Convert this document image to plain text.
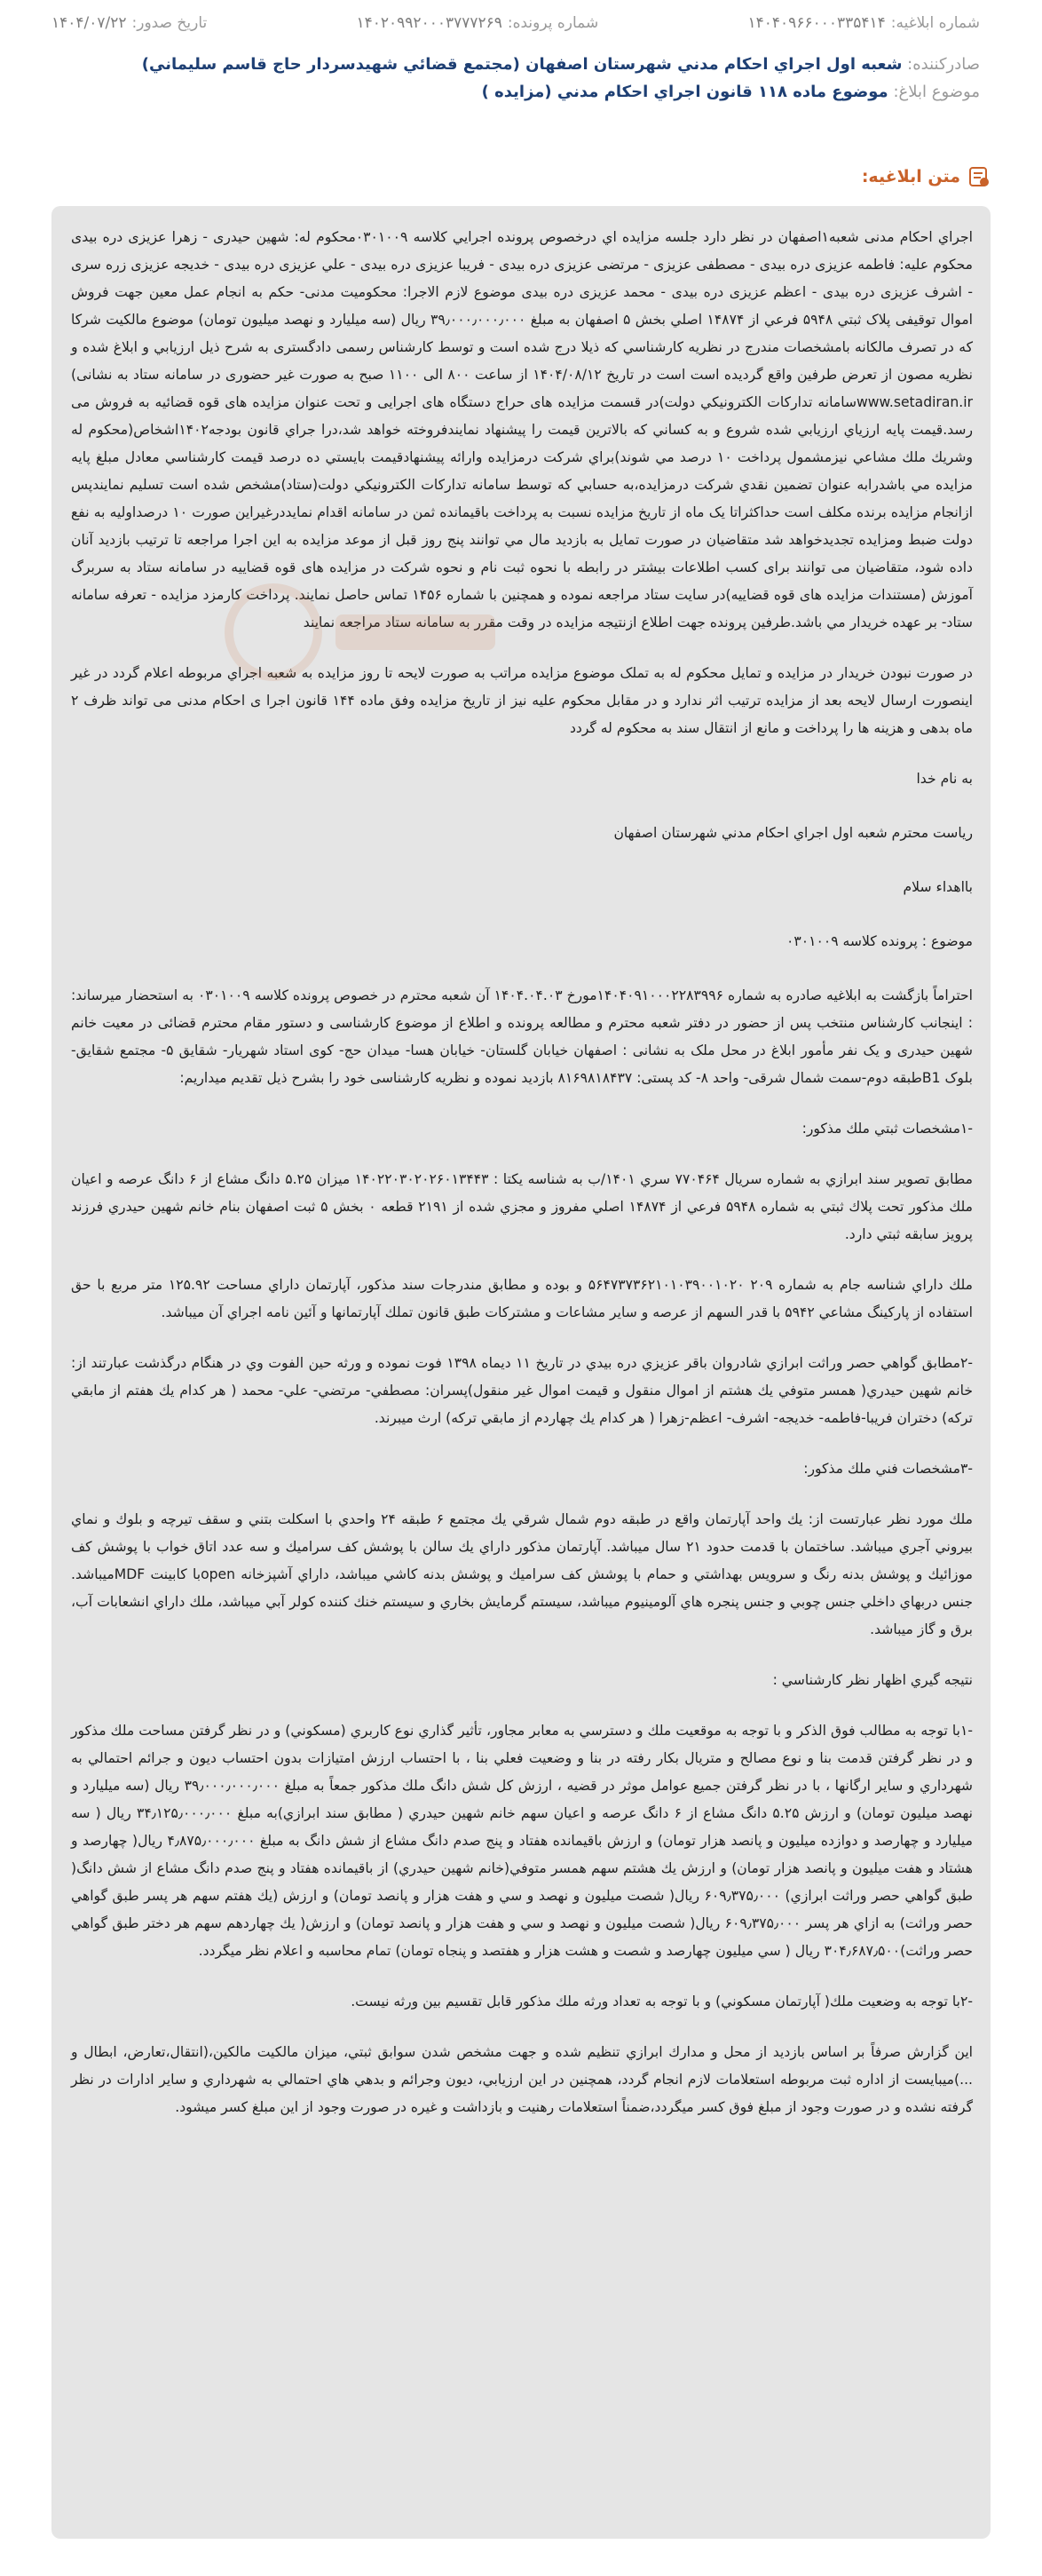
شماره ابلاغیه:
۱۴۰۴۰۹۶۶۰۰۰۳۳۵۴۱۴
شماره پرونده:
۱۴۰۲۰۹۹۲۰۰۰۳۷۷۷۲۶۹
تاریخ صدور:
۱۴۰۴/۰۷/۲۲
صادرکننده: شعبه اول اجراي احكام مدني شهرستان اصفهان (مجتمع قضائي شهيدسردار حاج قاسم سليماني)
موضوع ابلاغ: موضوع ماده ۱۱۸ قانون اجراي احكام مدني (مزايده )
متن ابلاغیه:

اجراي احكام مدنی شعبه۱اصفهان در نظر دارد جلسه مزايده اي درخصوص پرونده اجرایي کلاسه ۰۳۰۱۰۰۹محکوم له: شهین حیدری - زهرا عزیزی دره بیدی محکوم علیه: فاطمه عزیزی دره بیدی - مصطفی عزیزی - مرتضی عزیزی دره بیدی - فریبا عزیزی دره بیدی - علي عزیزی دره بیدی - خدیجه عزیزی زره سری - اشرف عزیزی دره بیدی - اعظم عزیزی دره بیدی - محمد عزیزی دره بیدی موضوع لازم الاجرا: محکومیت مدنی- حکم به انجام عمل معین جهت فروش اموال توقیفی پلاک ثبتي ۵۹۴۸ فرعي از ۱۴۸۷۴ اصلي بخش ۵ اصفهان به مبلغ ۳۹٫۰۰۰٫۰۰۰٫۰۰۰ ریال (سه میلیارد و نهصد میلیون تومان) موضوع مالکیت شرکا كه در تصرف مالكانه بامشخصات مندرج در نظريه كارشناسي كه ذيلا درج شده است و توسط كارشناس رسمی دادگستری به شرح ذیل ارزيابي و ابلاغ شده و نظريه مصون از تعرض طرفين واقع گرديده است است در تاريخ ۱۴۰۴/۰۸/۱۲ از ساعت ۸۰۰ الی ۱۱۰۰ صبح به صورت غیر حضوری در سامانه ستاد به نشانی) www.setadiran.irسامانه تداركات الكترونيكي دولت)در قسمت مزايده های حراج دستگاه های اجرایی و تحت عنوان مزايده های قوه قضائیه به فروش می رسد.قيمت پايه ارزياي ارزيابي شده شروع و به كساني كه بالاترين قيمت را پيشنهاد نمايندفروخته خواهد شد،درا جراي قانون بودجه۱۴۰۲اشخاص(محكوم له وشريك ملك مشاعي نيزمشمول پرداخت ۱۰ درصد مي شوند)براي شركت درمزايده وارائه پيشنهادقيمت بايستي ده درصد قيمت كارشناسي معادل مبلغ پايه مزايده مي باشدرابه عنوان تضمين نقدي شركت درمزايده،به حسابي كه توسط سامانه تداركات الكترونيكي دولت(ستاد)مشخص شده است تسليم نمايندپس ازانجام مزايده برنده مكلف است حداكثراتا يک ماه از تاريخ مزايده نسبت به پرداخت باقيمانده ثمن در سامانه اقدام نمايددرغيراين صورت ۱۰ درصداوليه به نفع دولت ضبط ومزايده تجديدخواهد شد متقاضیان در صورت تمایل به بازدید مال مي توانند پنج روز قبل از موعد مزایده به این اجرا مراجعه تا ترتیب بازدید آنان داده شود، متقاضیان می توانند برای کسب اطلاعات بیشتر در رابطه با نحوه ثبت نام و نحوه شرکت در مزایده های قوه قضاییه در سامانه ستاد به سربرگ آموزش (مستندات مزایده های قوه قضاییه)در سایت ستاد مراجعه نموده و همچنین با شماره ۱۴۵۶ تماس حاصل نمايند. پرداخت كارمزد مزايده - تعرفه سامانه ستاد- بر عهده خريدار مي باشد.طرفين پرونده جهت اطلاع ازنتيجه مزايده در وقت مقرر به سامانه ستاد مراجعه نمايند

در صورت نبودن خريدار در مزايده و تمايل محكوم له به تملک موضوع مزايده مراتب به صورت لايحه تا روز مزايده به شعبه اجراي مربوطه اعلام گردد در غير اينصورت ارسال لايحه بعد از مزايده ترتيب اثر ندارد و در مقابل محكوم عليه نيز از تاريخ مزايده وفق ماده ۱۴۴ قانون اجرا ی احكام مدنی می تواند ظرف ۲ ماه بدهی و هزینه ها را پرداخت و مانع از انتقال سند به محكوم له گردد

به نام خدا

رياست محترم شعبه اول اجراي احكام مدني شهرستان اصفهان

بااهداء سلام

موضوع : پرونده كلاسه ۰۳۰۱۰۰۹

احتراماً بازگشت به ابلاغیه صادره به شماره ۱۴۰۴۰۹۱۰۰۰۲۲۸۳۹۹۶مورخ ۱۴۰۴.۰۴.۰۳ آن شعبه محترم در خصوص پرونده کلاسه ۰۳۰۱۰۰۹ به استحضار میرساند: : اینجانب کارشناس منتخب پس از حضور در دفتر شعبه محترم و مطالعه پرونده و اطلاع از موضوع کارشناسی و دستور مقام محترم قضائی در معیت خانم شهین حیدری و یک نفر مأمور ابلاغ در محل ملک به نشانی : اصفهان خیابان گلستان- خیابان هسا- میدان حج- کوی استاد شهریار- شقایق ۵- مجتمع شقایق- بلوک B1طبقه دوم-سمت شمال شرقی- واحد ۸- کد پستی: ۸۱۶۹۸۱۸۴۳۷ بازدید نموده و نظریه کارشناسی خود را بشرح ذیل تقدیم میداریم:

-۱مشخصات ثبتي ملك مذكور:

مطابق تصوير سند ابرازي به شماره سريال ۷۷۰۴۶۴ سري ۱۴۰۱/ب به شناسه يكتا : ۱۴۰۲۲۰۳۰۲۰۲۶۰۱۳۴۴۳ ميزان ۵.۲۵ دانگ مشاع از ۶ دانگ عرصه و اعيان ملك مذكور تحت پلاك ثبتي به شماره ۵۹۴۸ فرعي از ۱۴۸۷۴ اصلي مفروز و مجزي شده از ۲۱۹۱ قطعه ۰ بخش ۵ ثبت اصفهان بنام خانم شهين حيدري فرزند پرويز سابقه ثبتي دارد.

ملك داراي شناسه جام به شماره ۲۰۹ ۵۶۴۷۳۷۳۶۲۱۰۱۰۳۹۰۰۱۰۲۰ و بوده و مطابق مندرجات سند مذكور، آپارتمان داراي مساحت ۱۲۵.۹۲ متر مربع با حق استفاده از پاركينگ مشاعي ۵۹۴۲ با قدر السهم از عرصه و ساير مشاعات و مشتركات طبق قانون تملك آپارتمانها و آئين نامه اجراي آن ميباشد.

-۲مطابق گواهي حصر وراثت ابرازي شادروان باقر عزيزي دره بيدي در تاريخ ۱۱ ديماه ۱۳۹۸ فوت نموده و ورثه حين الفوت وي در هنگام درگذشت عبارتند از: خانم شهين حيدري( همسر متوفي يك هشتم از اموال منقول و قيمت اموال غير منقول)پسران: مصطفي- مرتضي- علي- محمد ( هر كدام يك هفتم از مابقي تركه) دختران فريبا-فاطمه- خديجه- اشرف- اعظم-زهرا ( هر كدام يك چهاردم از مابقي تركه) ارث ميبرند.

-۳مشخصات فني ملك مذكور:

ملك مورد نظر عبارتست از: يك واحد آپارتمان واقع در طبقه دوم شمال شرقي يك مجتمع ۶ طبقه ۲۴ واحدي با اسكلت بتني و سقف تيرچه و بلوك و نماي بيروني آجري ميباشد. ساختمان با قدمت حدود ۲۱ سال ميباشد. آپارتمان مذكور داراي يك سالن با پوشش كف سراميك و سه عدد اتاق خواب با پوشش كف موزائيك و پوشش بدنه رنگ و سرويس بهداشتي و حمام با پوشش كف سراميك و پوشش بدنه كاشي ميباشد، داراي آشپزخانه openبا كابينت MDFميباشد. جنس دربهاي داخلي جنس چوبي و جنس پنجره هاي آلومينيوم ميباشد، سيستم گرمايش بخاري و سيستم خنك كننده كولر آبي ميباشد، ملك داراي انشعابات آب، برق و گاز ميباشد.

نتيجه گيري اظهار نظر كارشناسي :

-۱با توجه به مطالب فوق الذكر و با توجه به موقعيت ملك و دسترسي به معابر مجاور، تأثير گذاري نوع كاربري (مسكوني) و در نظر گرفتن مساحت ملك مذكور و در نظر گرفتن قدمت بنا و نوع مصالح و متريال بكار رفته در بنا و وضعيت فعلي بنا ، با احتساب ارزش امتيازات بدون احتساب ديون و جرائم احتمالي به شهرداري و ساير ارگانها ، با در نظر گرفتن جميع عوامل موثر در قضيه ، ارزش كل شش دانگ ملك مذكور جمعاً به مبلغ ۳۹٫۰۰۰٫۰۰۰٫۰۰۰ ريال (سه ميليارد و نهصد ميليون تومان) و ارزش ۵.۲۵ دانگ مشاع از ۶ دانگ عرصه و اعيان سهم خانم شهين حيدري ( مطابق سند ابرازي)به مبلغ ۳۴٫۱۲۵٫۰۰۰٫۰۰۰ ريال ( سه ميليارد و چهارصد و دوازده ميليون و پانصد هزار تومان) و ارزش باقيمانده هفتاد و پنج صدم دانگ مشاع از شش دانگ به مبلغ ۴٫۸۷۵٫۰۰۰٫۰۰۰ ريال( چهارصد و هشتاد و هفت ميليون و پانصد هزار تومان) و ارزش يك هشتم سهم همسر متوفي(خانم شهين حيدري) از باقيمانده هفتاد و پنج صدم دانگ مشاع از شش دانگ( طبق گواهي حصر وراثت ابرازي) ۶۰۹٫۳۷۵٫۰۰۰ ريال( شصت ميليون و نهصد و سي و هفت هزار و پانصد تومان) و ارزش (يك هفتم سهم هر پسر طبق گواهي حصر وراثت) به ازاي هر پسر ۶۰۹٫۳۷۵٫۰۰۰ ريال( شصت ميليون و نهصد و سي و هفت هزار و پانصد تومان) و ارزش( يك چهاردهم سهم هر دختر طبق گواهي حصر وراثت)۳۰۴٫۶۸۷٫۵۰۰ ريال ( سي ميليون چهارصد و شصت و هشت هزار و هفتصد و پنجاه تومان) تمام محاسبه و اعلام نظر ميگردد.

-۲با توجه به وضعيت ملك( آپارتمان مسكوني) و با توجه به تعداد ورثه ملك مذكور قابل تقسيم بين ورثه نيست.

اين گزارش صرفاً بر اساس بازديد از محل و مدارك ابرازي تنظيم شده و جهت مشخص شدن سوابق ثبتي، ميزان مالكيت مالكين،(انتقال،تعارض، ابطال و ...)میبایست از اداره ثبت مربوطه استعلامات لازم انجام گردد، همچنين در اين ارزيابي، ديون وجرائم و بدهي هاي احتمالي به شهرداري و ساير ادارات در نظر گرفته نشده و در صورت وجود از مبلغ فوق كسر ميگردد،ضمناً استعلامات رهنيت و بازداشت و غيره در صورت وجود از اين مبلغ كسر ميشود.
